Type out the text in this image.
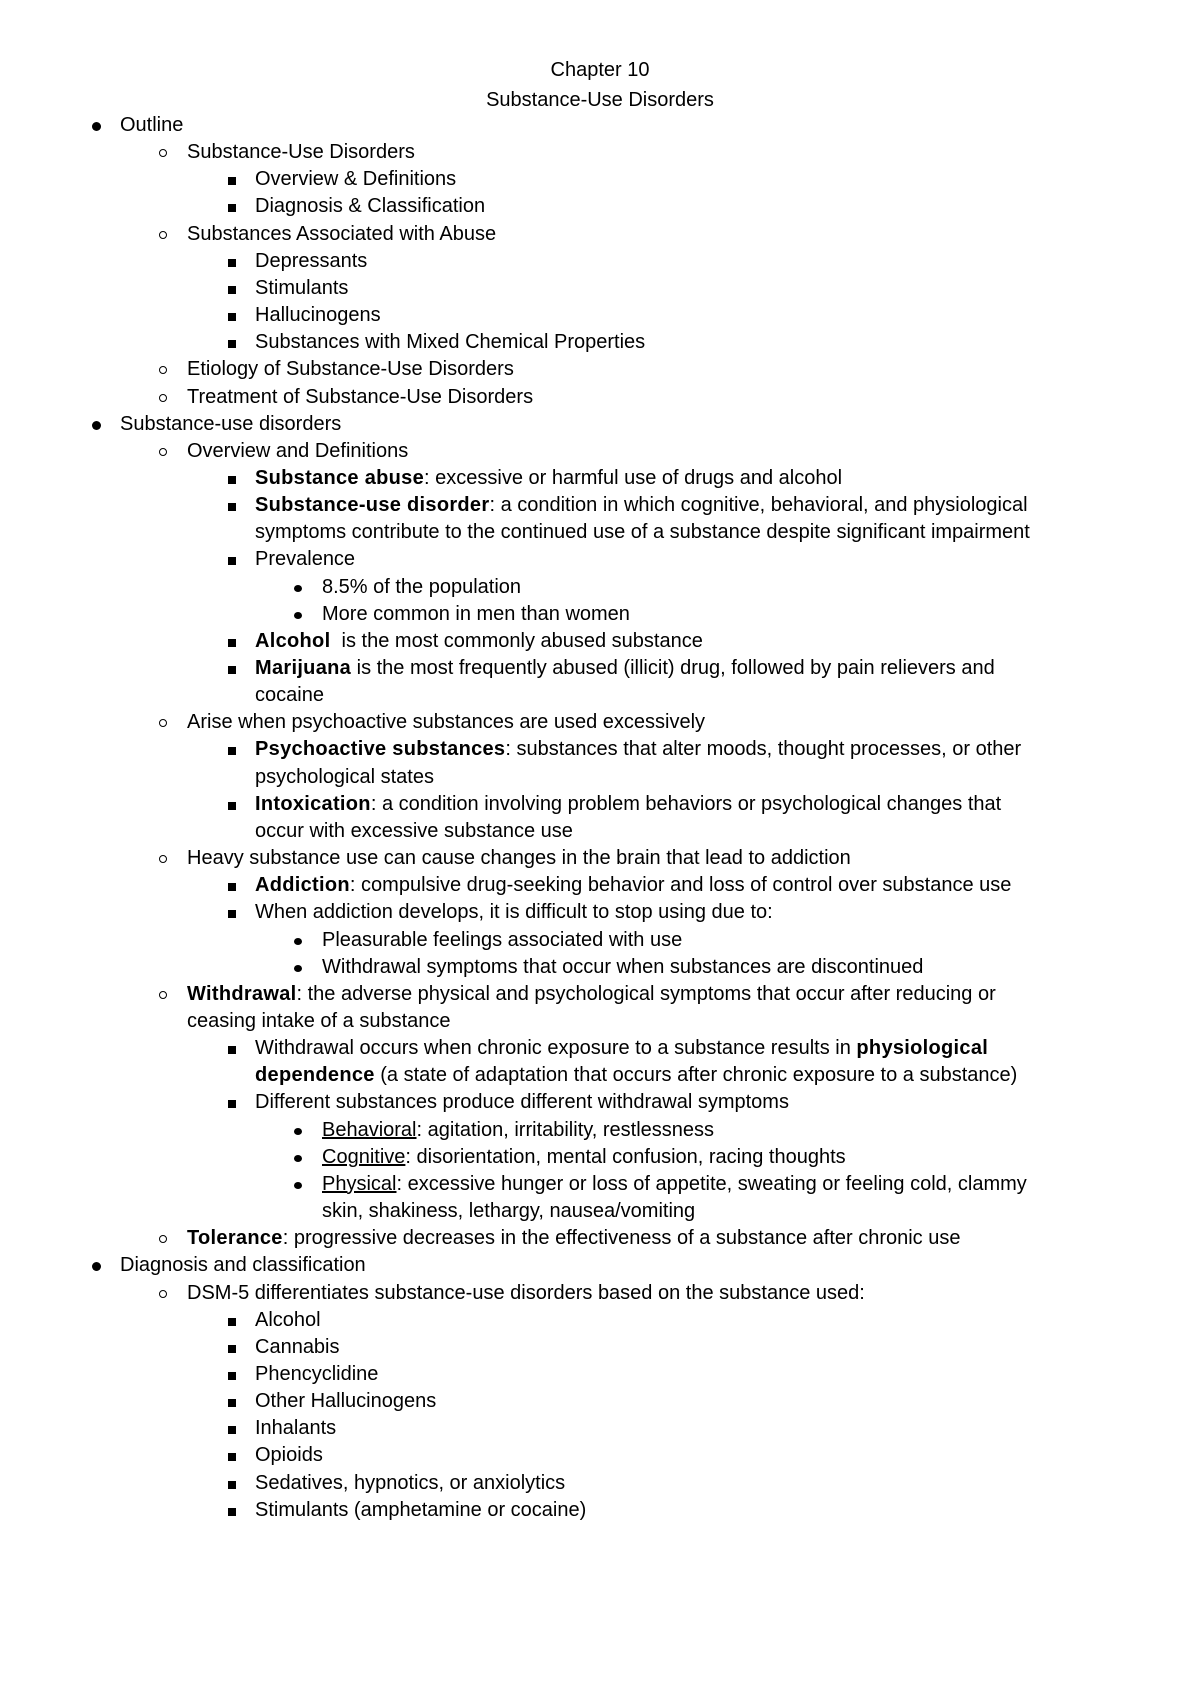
Chapter 10
Substance-Use Disorders
Outline
Substance-Use Disorders
Overview & Definitions
Diagnosis & Classification
Substances Associated with Abuse
Depressants
Stimulants
Hallucinogens
Substances with Mixed Chemical Properties
Etiology of Substance-Use Disorders
Treatment of Substance-Use Disorders
Substance-use disorders
Overview and Definitions
Substance abuse: excessive or harmful use of drugs and alcohol
Substance-use disorder: a condition in which cognitive, behavioral, and physiological
symptoms contribute to the continued use of a substance despite significant impairment
Prevalence
8.5% of the population
More common in men than women
Alcohol  is the most commonly abused substance
Marijuana is the most frequently abused (illicit) drug, followed by pain relievers and
cocaine
Arise when psychoactive substances are used excessively
Psychoactive substances: substances that alter moods, thought processes, or other
psychological states
Intoxication: a condition involving problem behaviors or psychological changes that
occur with excessive substance use
Heavy substance use can cause changes in the brain that lead to addiction
Addiction: compulsive drug-seeking behavior and loss of control over substance use
When addiction develops, it is difficult to stop using due to:
Pleasurable feelings associated with use
Withdrawal symptoms that occur when substances are discontinued
Withdrawal: the adverse physical and psychological symptoms that occur after reducing or
ceasing intake of a substance
Withdrawal occurs when chronic exposure to a substance results in physiological
dependence (a state of adaptation that occurs after chronic exposure to a substance)
Different substances produce different withdrawal symptoms
Behavioral: agitation, irritability, restlessness
Cognitive: disorientation, mental confusion, racing thoughts
Physical: excessive hunger or loss of appetite, sweating or feeling cold, clammy
skin, shakiness, lethargy, nausea/vomiting
Tolerance: progressive decreases in the effectiveness of a substance after chronic use
Diagnosis and classification
DSM-5 differentiates substance-use disorders based on the substance used:
Alcohol
Cannabis
Phencyclidine
Other Hallucinogens
Inhalants
Opioids
Sedatives, hypnotics, or anxiolytics
Stimulants (amphetamine or cocaine)
